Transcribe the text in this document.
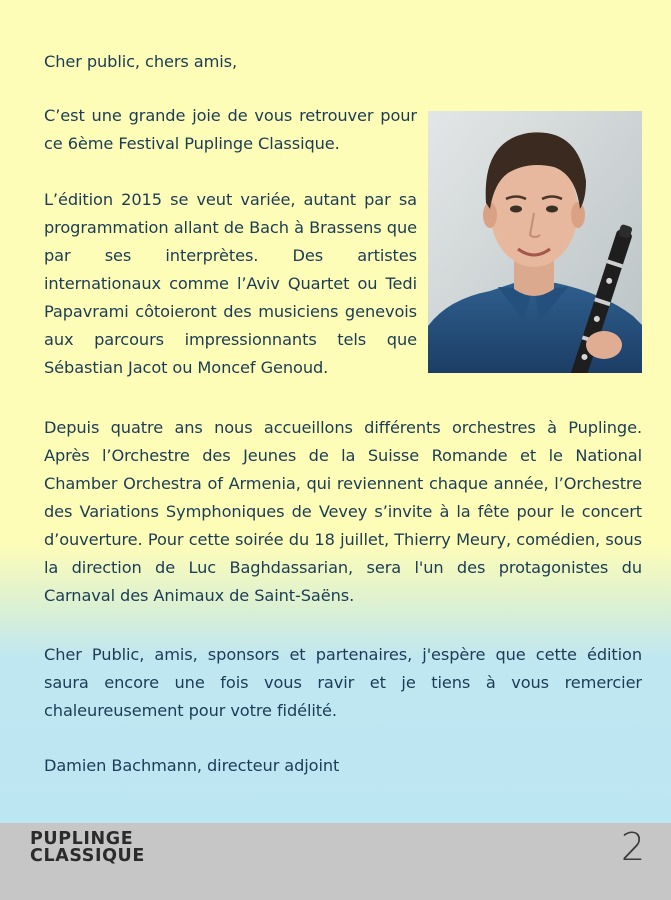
Cher public, chers amis,
C’est une grande joie de vous retrouver pour ce 6ème Festival Puplinge Classique.
L’édition 2015 se veut variée, autant par sa programmation allant de Bach à Brassens que par ses interprètes. Des artistes internationaux comme l’Aviv Quartet ou Tedi Papavrami côtoieront des musiciens genevois aux parcours impressionnants tels que Sébastian Jacot ou Moncef Genoud.
Depuis quatre ans nous accueillons différents orchestres à Puplinge. Après l’Orchestre des Jeunes de la Suisse Romande et le National Chamber Orchestra of Armenia, qui reviennent chaque année, l’Orchestre des Variations Symphoniques de Vevey s’invite à la fête pour le concert d’ouverture. Pour cette soirée du 18 juillet, Thierry Meury, comédien, sous la direction de Luc Baghdassarian, sera l'un des protagonistes du Carnaval des Animaux de Saint-Saëns.
Cher Public, amis, sponsors et partenaires, j'espère que cette édition saura encore une fois vous ravir et je tiens à vous remercier chaleureusement pour votre fidélité.
Damien Bachmann, directeur adjoint
PUPLINGE
CLASSIQUE	2
